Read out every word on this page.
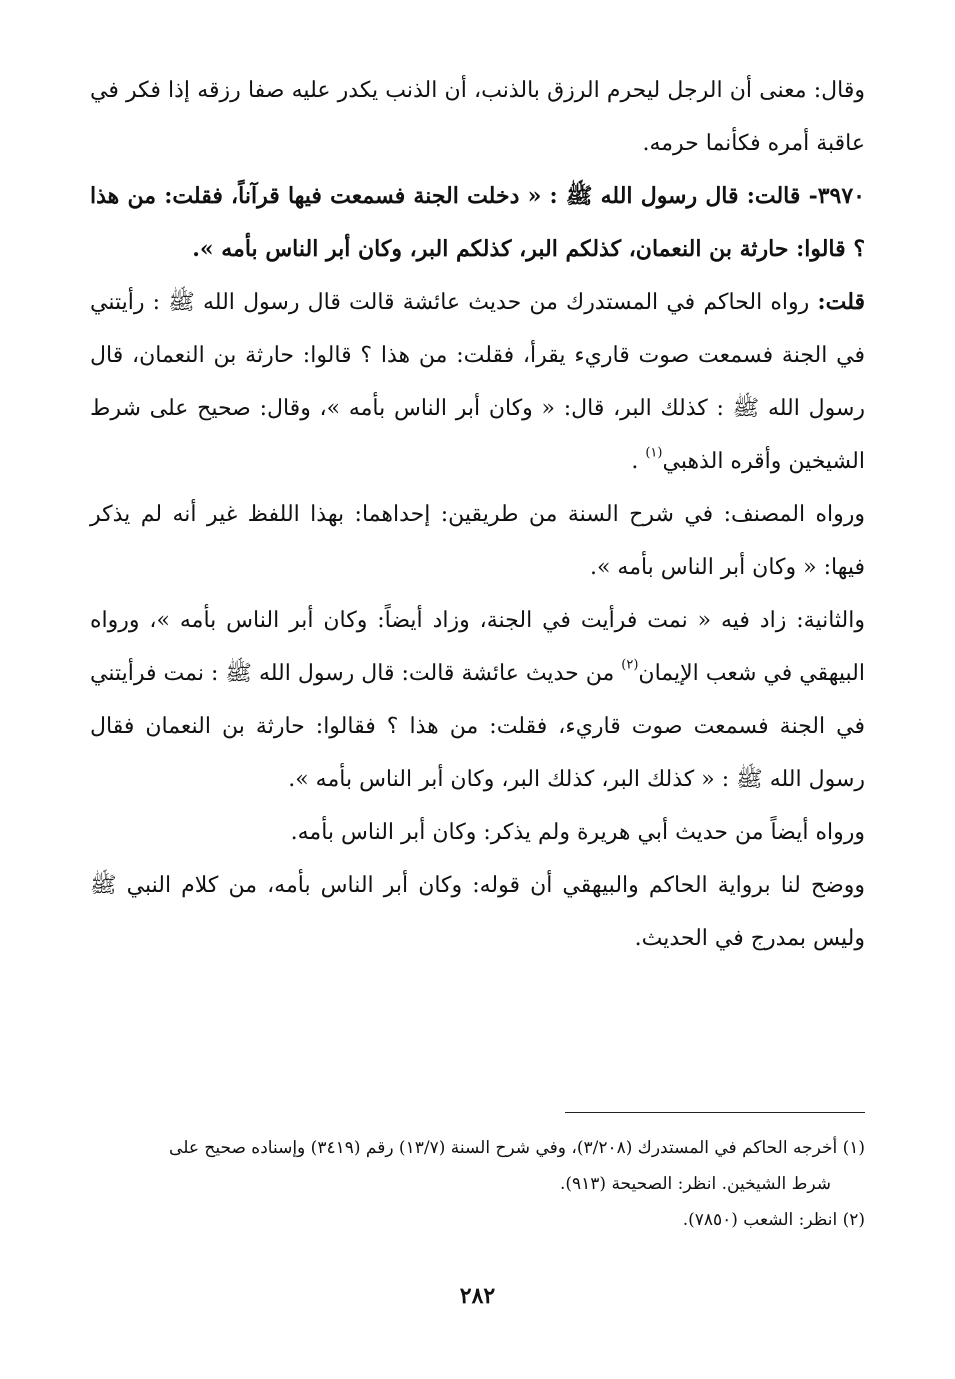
وقال: معنى أن الرجل ليحرم الرزق بالذنب، أن الذنب يكدر عليه صفا رزقه إذا فكر في عاقبة أمره فكأنما حرمه.

٣٩٧٠- قالت: قال رسول الله ﷺ : « دخلت الجنة فسمعت فيها قرآناً، فقلت: من هذا ؟ قالوا: حارثة بن النعمان، كذلكم البر، كذلكم البر، وكان أبر الناس بأمه ».

قلت: رواه الحاكم في المستدرك من حديث عائشة قالت قال رسول الله ﷺ : رأيتني في الجنة فسمعت صوت قاريء يقرأ، فقلت: من هذا ؟ قالوا: حارثة بن النعمان، قال رسول الله ﷺ : كذلك البر، قال: « وكان أبر الناس بأمه »، وقال: صحيح على شرط الشيخين وأقره الذهبي$^{(١)}$ .

ورواه المصنف: في شرح السنة من طريقين: إحداهما: بهذا اللفظ غير أنه لم يذكر فيها: « وكان أبر الناس بأمه ».

والثانية: زاد فيه « نمت فرأيت في الجنة، وزاد أيضاً: وكان أبر الناس بأمه »، ورواه البيهقي في شعب الإيمان$^{(٢)}$ من حديث عائشة قالت: قال رسول الله ﷺ : نمت فرأيتني في الجنة فسمعت صوت قاريء، فقلت: من هذا ؟ فقالوا: حارثة بن النعمان فقال رسول الله ﷺ : « كذلك البر، كذلك البر، وكان أبر الناس بأمه ».

ورواه أيضاً من حديث أبي هريرة ولم يذكر: وكان أبر الناس بأمه.

ووضح لنا برواية الحاكم والبيهقي أن قوله: وكان أبر الناس بأمه، من كلام النبي ﷺ وليس بمدرج في الحديث.

(١) أخرجه الحاكم في المستدرك (٣/٢٠٨)، وفي شرح السنة (١٣/٧) رقم (٣٤١٩) وإسناده صحيح على

شرط الشيخين. انظر: الصحيحة (٩١٣).

(٢) انظر: الشعب (٧٨٥٠).

٢٨٢
